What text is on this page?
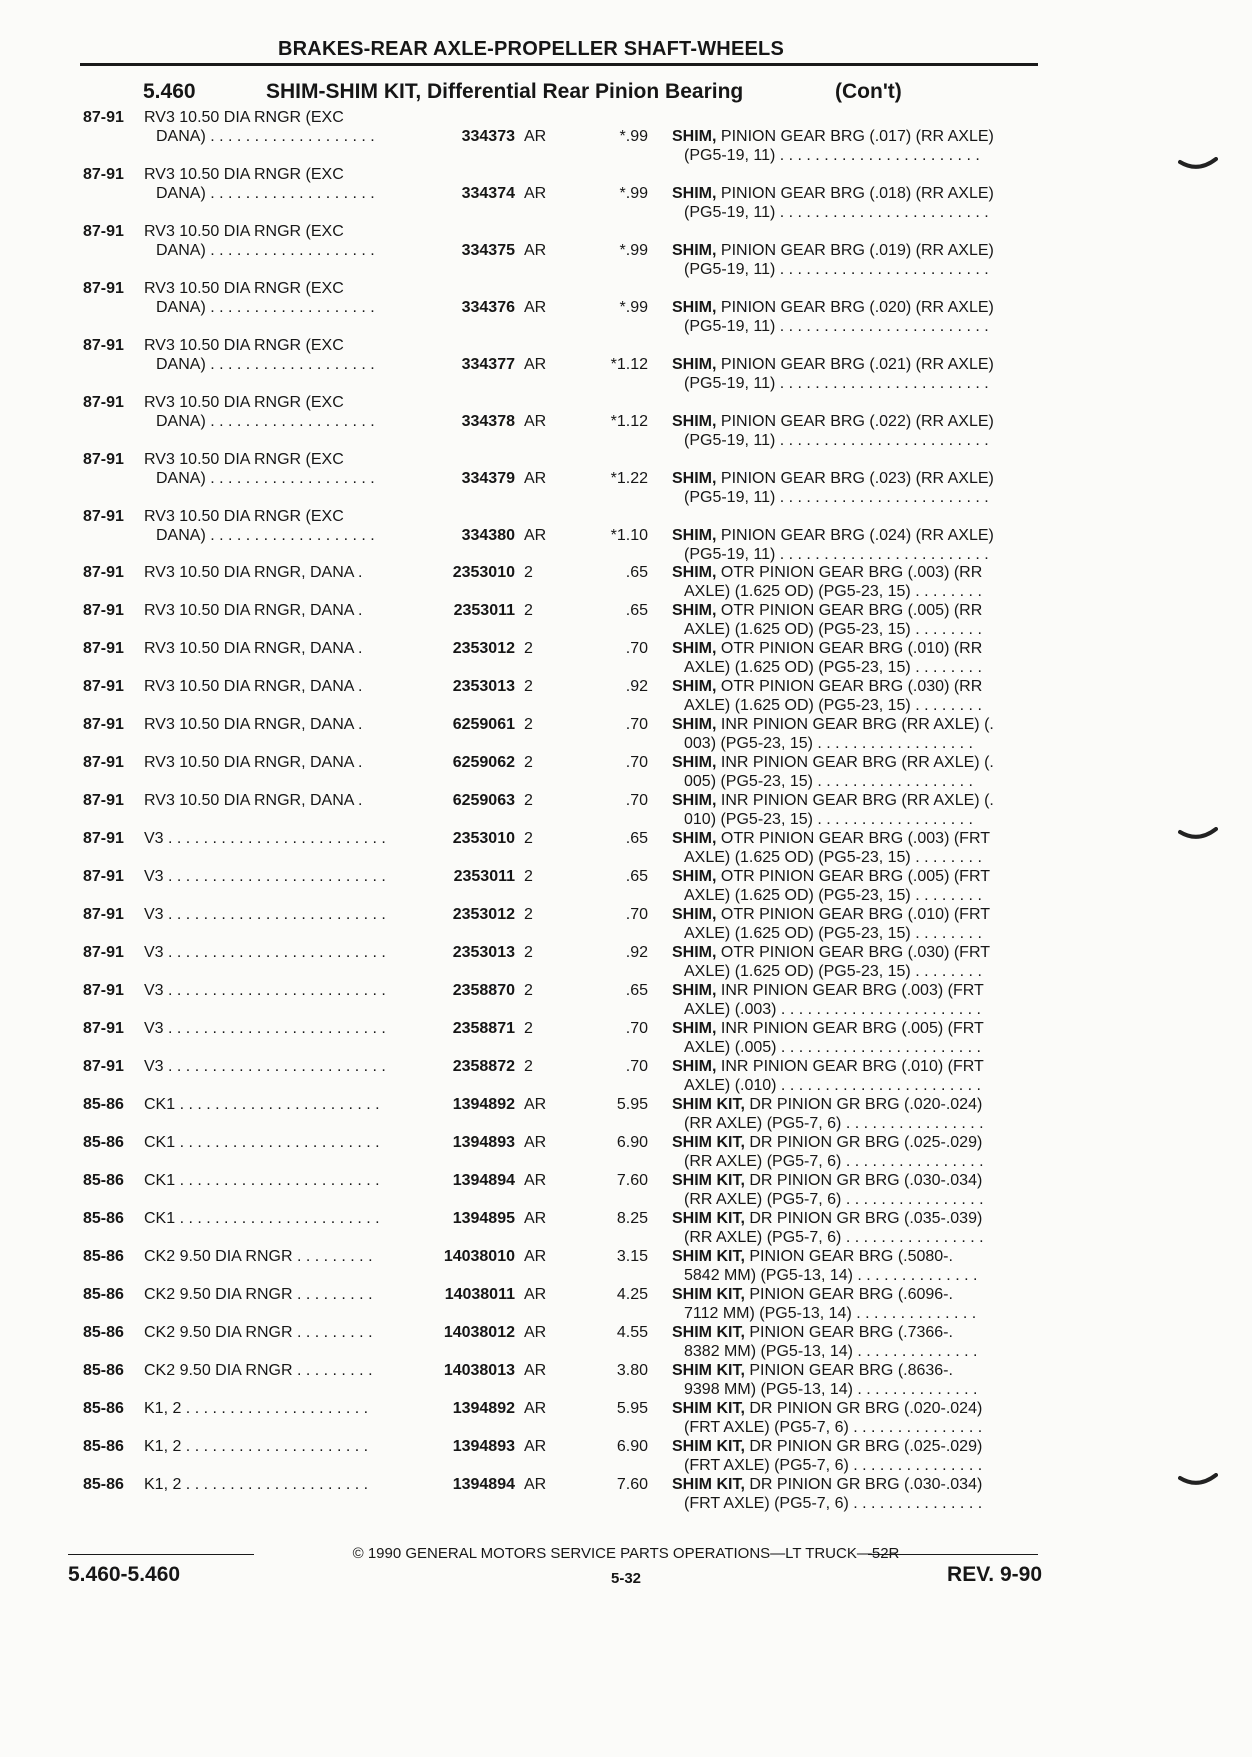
BRAKES-REAR AXLE-PROPELLER SHAFT-WHEELS
5.460	SHIM-SHIM KIT, Differential Rear Pinion Bearing	(Con't)
87-91 RV3 10.50 DIA RNGR (EXC
DANA) . . . . . . . . . . . . . . . . . . .	334373 AR	*.99 SHIM, PINION GEAR BRG (.017) (RR AXLE)
(PG5-19, 11) . . . . . . . . . . . . . . . . . . . . . . .
87-91 RV3 10.50 DIA RNGR (EXC
DANA) . . . . . . . . . . . . . . . . . . .	334374 AR	*.99 SHIM, PINION GEAR BRG (.018) (RR AXLE)
(PG5-19, 11) . . . . . . . . . . . . . . . . . . . . . . . .
87-91 RV3 10.50 DIA RNGR (EXC
DANA) . . . . . . . . . . . . . . . . . . .	334375 AR	*.99 SHIM, PINION GEAR BRG (.019) (RR AXLE)
(PG5-19, 11) . . . . . . . . . . . . . . . . . . . . . . . .
87-91 RV3 10.50 DIA RNGR (EXC
DANA) . . . . . . . . . . . . . . . . . . .	334376 AR	*.99 SHIM, PINION GEAR BRG (.020) (RR AXLE)
(PG5-19, 11) . . . . . . . . . . . . . . . . . . . . . . . .
87-91 RV3 10.50 DIA RNGR (EXC
DANA) . . . . . . . . . . . . . . . . . . .	334377 AR	*1.12 SHIM, PINION GEAR BRG (.021) (RR AXLE)
(PG5-19, 11) . . . . . . . . . . . . . . . . . . . . . . . .
87-91 RV3 10.50 DIA RNGR (EXC
DANA) . . . . . . . . . . . . . . . . . . .	334378 AR	*1.12 SHIM, PINION GEAR BRG (.022) (RR AXLE)
(PG5-19, 11) . . . . . . . . . . . . . . . . . . . . . . . .
87-91 RV3 10.50 DIA RNGR (EXC
DANA) . . . . . . . . . . . . . . . . . . .	334379 AR	*1.22 SHIM, PINION GEAR BRG (.023) (RR AXLE)
(PG5-19, 11) . . . . . . . . . . . . . . . . . . . . . . . .
87-91 RV3 10.50 DIA RNGR (EXC
DANA) . . . . . . . . . . . . . . . . . . .	334380 AR	*1.10 SHIM, PINION GEAR BRG (.024) (RR AXLE)
(PG5-19, 11) . . . . . . . . . . . . . . . . . . . . . . . .
87-91 RV3 10.50 DIA RNGR, DANA .	2353010 2	.65 SHIM, OTR PINION GEAR BRG (.003) (RR
AXLE) (1.625 OD) (PG5-23, 15) . . . . . . . .
87-91 RV3 10.50 DIA RNGR, DANA .	2353011 2	.65 SHIM, OTR PINION GEAR BRG (.005) (RR
AXLE) (1.625 OD) (PG5-23, 15) . . . . . . . .
87-91 RV3 10.50 DIA RNGR, DANA .	2353012 2	.70 SHIM, OTR PINION GEAR BRG (.010) (RR
AXLE) (1.625 OD) (PG5-23, 15) . . . . . . . .
87-91 RV3 10.50 DIA RNGR, DANA .	2353013 2	.92 SHIM, OTR PINION GEAR BRG (.030) (RR
AXLE) (1.625 OD) (PG5-23, 15) . . . . . . . .
87-91 RV3 10.50 DIA RNGR, DANA .	6259061 2	.70 SHIM, INR PINION GEAR BRG (RR AXLE) (.
003) (PG5-23, 15) . . . . . . . . . . . . . . . . . .
87-91 RV3 10.50 DIA RNGR, DANA .	6259062 2	.70 SHIM, INR PINION GEAR BRG (RR AXLE) (.
005) (PG5-23, 15) . . . . . . . . . . . . . . . . . .
87-91 RV3 10.50 DIA RNGR, DANA .	6259063 2	.70 SHIM, INR PINION GEAR BRG (RR AXLE) (.
010) (PG5-23, 15) . . . . . . . . . . . . . . . . . .
87-91 V3 . . . . . . . . . . . . . . . . . . . . . . . . .	2353010 2	.65 SHIM, OTR PINION GEAR BRG (.003) (FRT
AXLE) (1.625 OD) (PG5-23, 15) . . . . . . . .
87-91 V3 . . . . . . . . . . . . . . . . . . . . . . . . .	2353011 2	.65 SHIM, OTR PINION GEAR BRG (.005) (FRT
AXLE) (1.625 OD) (PG5-23, 15) . . . . . . . .
87-91 V3 . . . . . . . . . . . . . . . . . . . . . . . . .	2353012 2	.70 SHIM, OTR PINION GEAR BRG (.010) (FRT
AXLE) (1.625 OD) (PG5-23, 15) . . . . . . . .
87-91 V3 . . . . . . . . . . . . . . . . . . . . . . . . .	2353013 2	.92 SHIM, OTR PINION GEAR BRG (.030) (FRT
AXLE) (1.625 OD) (PG5-23, 15) . . . . . . . .
87-91 V3 . . . . . . . . . . . . . . . . . . . . . . . . .	2358870 2	.65 SHIM, INR PINION GEAR BRG (.003) (FRT
AXLE) (.003) . . . . . . . . . . . . . . . . . . . . . . .
87-91 V3 . . . . . . . . . . . . . . . . . . . . . . . . .	2358871 2	.70 SHIM, INR PINION GEAR BRG (.005) (FRT
AXLE) (.005) . . . . . . . . . . . . . . . . . . . . . . .
87-91 V3 . . . . . . . . . . . . . . . . . . . . . . . . .	2358872 2	.70 SHIM, INR PINION GEAR BRG (.010) (FRT
AXLE) (.010) . . . . . . . . . . . . . . . . . . . . . . .
85-86 CK1 . . . . . . . . . . . . . . . . . . . . . . .	1394892 AR	5.95 SHIM KIT, DR PINION GR BRG (.020-.024)
(RR AXLE) (PG5-7, 6) . . . . . . . . . . . . . . . .
85-86 CK1 . . . . . . . . . . . . . . . . . . . . . . .	1394893 AR	6.90 SHIM KIT, DR PINION GR BRG (.025-.029)
(RR AXLE) (PG5-7, 6) . . . . . . . . . . . . . . . .
85-86 CK1 . . . . . . . . . . . . . . . . . . . . . . .	1394894 AR	7.60 SHIM KIT, DR PINION GR BRG (.030-.034)
(RR AXLE) (PG5-7, 6) . . . . . . . . . . . . . . . .
85-86 CK1 . . . . . . . . . . . . . . . . . . . . . . .	1394895 AR	8.25 SHIM KIT, DR PINION GR BRG (.035-.039)
(RR AXLE) (PG5-7, 6) . . . . . . . . . . . . . . . .
85-86 CK2 9.50 DIA RNGR . . . . . . . . .	14038010 AR	3.15 SHIM KIT, PINION GEAR BRG (.5080-.
5842 MM) (PG5-13, 14) . . . . . . . . . . . . . .
85-86 CK2 9.50 DIA RNGR . . . . . . . . .	14038011 AR	4.25 SHIM KIT, PINION GEAR BRG (.6096-.
7112 MM) (PG5-13, 14) . . . . . . . . . . . . . .
85-86 CK2 9.50 DIA RNGR . . . . . . . . .	14038012 AR	4.55 SHIM KIT, PINION GEAR BRG (.7366-.
8382 MM) (PG5-13, 14) . . . . . . . . . . . . . .
85-86 CK2 9.50 DIA RNGR . . . . . . . . .	14038013 AR	3.80 SHIM KIT, PINION GEAR BRG (.8636-.
9398 MM) (PG5-13, 14) . . . . . . . . . . . . . .
85-86 K1, 2 . . . . . . . . . . . . . . . . . . . . .	1394892 AR	5.95 SHIM KIT, DR PINION GR BRG (.020-.024)
(FRT AXLE) (PG5-7, 6) . . . . . . . . . . . . . . .
85-86 K1, 2 . . . . . . . . . . . . . . . . . . . . .	1394893 AR	6.90 SHIM KIT, DR PINION GR BRG (.025-.029)
(FRT AXLE) (PG5-7, 6) . . . . . . . . . . . . . . .
85-86 K1, 2 . . . . . . . . . . . . . . . . . . . . .	1394894 AR	7.60 SHIM KIT, DR PINION GR BRG (.030-.034)
(FRT AXLE) (PG5-7, 6) . . . . . . . . . . . . . . .
© 1990 GENERAL MOTORS SERVICE PARTS OPERATIONS—LT TRUCK—52R
5.460-5.460	5-32	REV. 9-90
